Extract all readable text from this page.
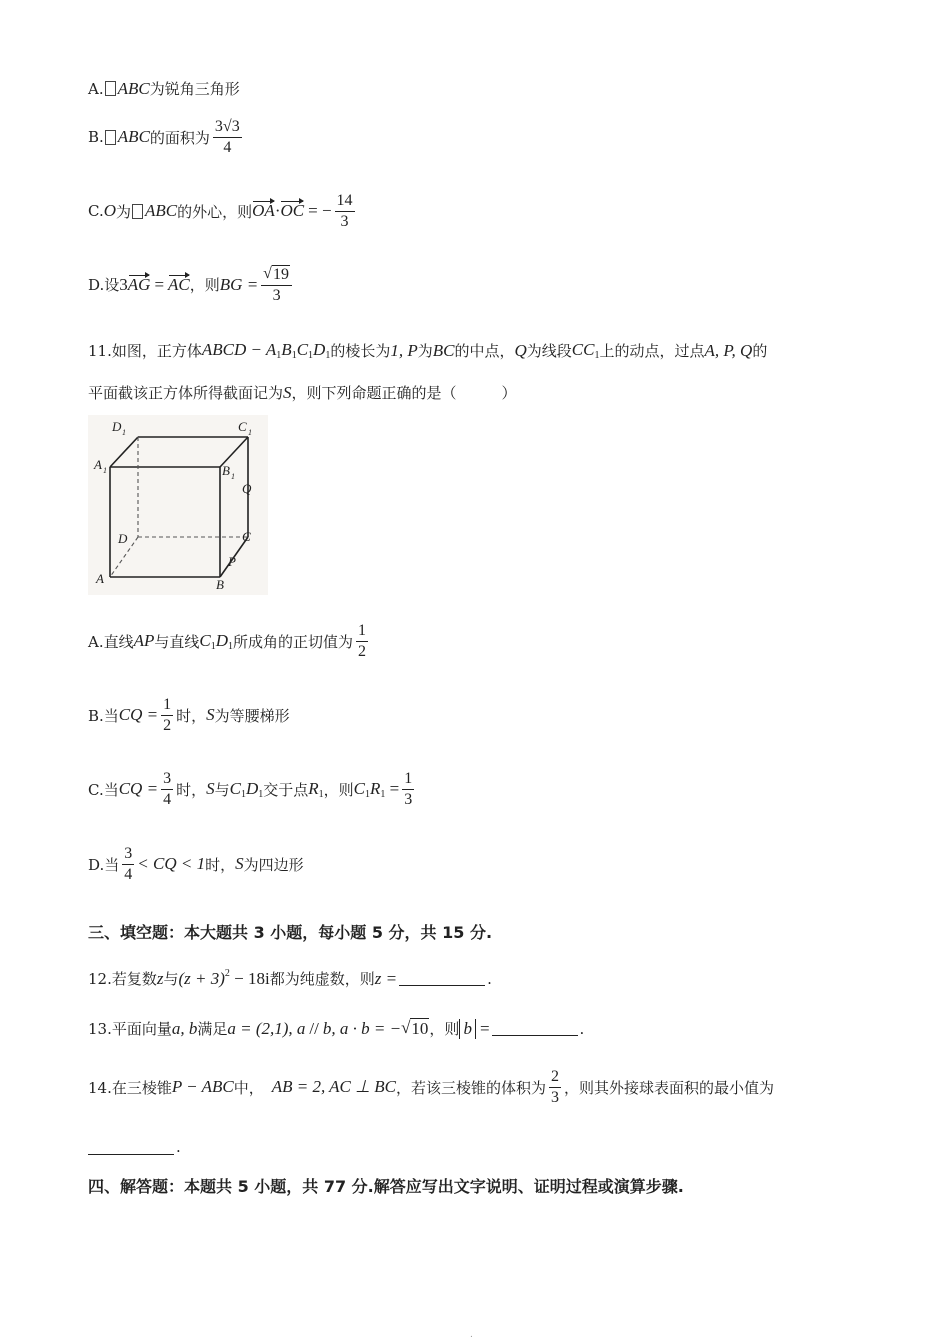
A. ABC 为锐角三角形
B. ABC 的面积为 $\frac{3√3}{4}$
C. O 为 ABC 的外心，则 OA·OC = − $\frac{14}{3}$
D.设 3AG = AC ，则 BG = $\frac{√ 19}{3}$
11.如图，正方体 ABCD − $A_1B_1C_1D_1$ 的棱长为 1, P 为 BC 的中点， Q 为线段 $CC_1$ 上的动点，过点 A, P, Q 的
平面截该正方体所得截面记为 S ，则下列命题正确的是（　　　）
D 1	C 1
A 1	B 1
Q
D	C
P
A	B
A.直线 AP 与直线 $C_1D_1$ 所成角的正切值为 $\frac{1}{2}$
B.当 CQ = $\frac{1}{2}$ 时， S 为等腰梯形
C.当 CQ = $\frac{3}{4}$ 时， S 与 $C_1D_1$ 交于点 $R_1$ ，则 $C_1R_1 = \frac{1}{3}$
D.当 $\frac{3}{4}$ < CQ < 1 时， S 为四边形
三、填空题：本大题共 3 小题，每小题 5 分，共 15 分.
12.若复数 z 与 $(z + 3)^2 - 18i$ 都为纯虚数，则 z =	.
13.平面向量 a, b 满足 a = (2,1), a // b, a · b = − √ 10 ，则 b =	.
14.在三棱锥 P − ABC 中， AB = 2, AC ⊥ BC ，若该三棱锥的体积为 $\frac{2}{3}$ ，则其外接球表面积的最小值为
.
四、解答题：本题共 5 小题，共 77 分.解答应写出文字说明、证明过程或演算步骤.
.
